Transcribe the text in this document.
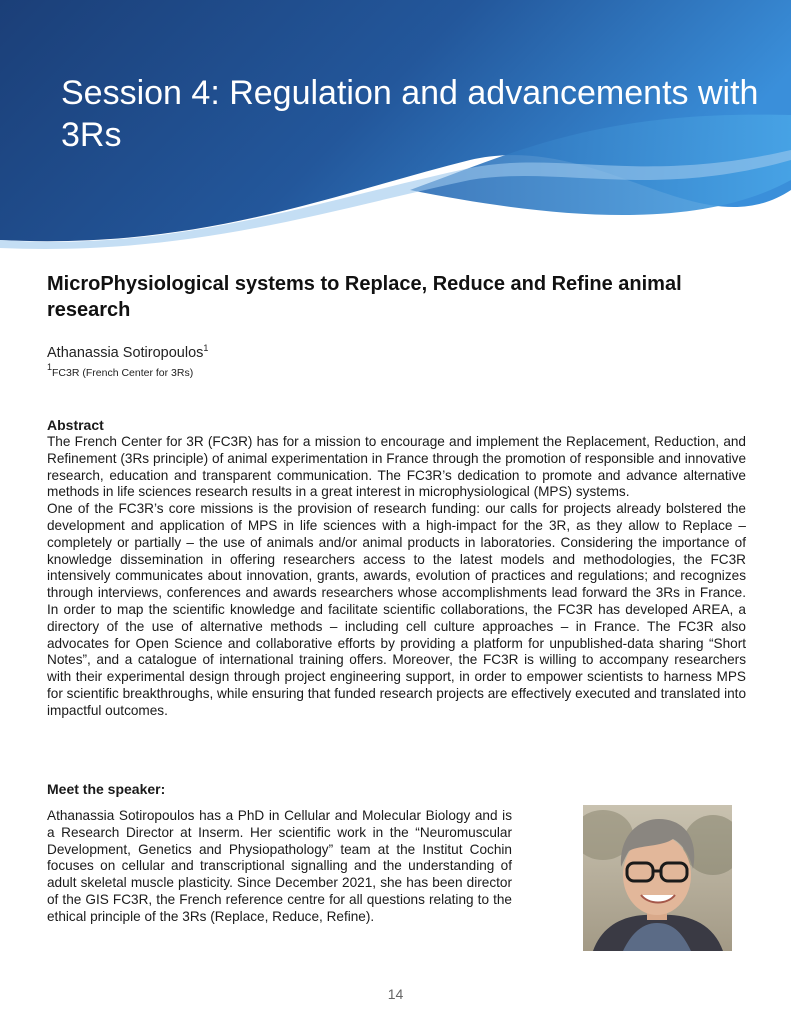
Session 4: Regulation and advancements with 3Rs
MicroPhysiological systems to Replace, Reduce and Refine animal research
Athanassia Sotiropoulos$^1$
$^1$FC3R (French Center for 3Rs)
Abstract

The French Center for 3R (FC3R) has for a mission to encourage and implement the Replacement, Reduction, and Refinement (3Rs principle) of animal experimentation in France through the promotion of responsible and innovative research, education and transparent communication. The FC3R’s dedication to promote and advance alternative methods in life sciences research results in a great interest in microphysiological (MPS) systems.

One of the FC3R’s core missions is the provision of research funding: our calls for projects already bolstered the development and application of MPS in life sciences with a high-impact for the 3R, as they allow to Replace – completely or partially – the use of animals and/or animal products in laboratories. Considering the importance of knowledge dissemination in offering researchers access to the latest models and methodologies, the FC3R intensively communicates about innovation, grants, awards, evolution of practices and regulations; and recognizes through interviews, conferences and awards researchers whose accomplishments lead forward the 3Rs in France. In order to map the scientific knowledge and facilitate scientific collaborations, the FC3R has developed AREA, a directory of the use of alternative methods – including cell culture approaches – in France. The FC3R also advocates for Open Science and collaborative efforts by providing a platform for unpublished-data sharing “Short Notes”, and a catalogue of international training offers. Moreover, the FC3R is willing to accompany researchers with their experimental design through project engineering support, in order to empower scientists to harness MPS for scientific breakthroughs, while ensuring that funded research projects are effectively executed and translated into impactful outcomes.

Meet the speaker:

Athanassia Sotiropoulos has a PhD in Cellular and Molecular Biology and is a Research Director at Inserm. Her scientific work in the “Neuromuscular Development, Genetics and Physiopathology” team at the Institut Cochin focuses on cellular and transcriptional signalling and the understanding of adult skeletal muscle plasticity. Since December 2021, she has been director of the GIS FC3R, the French reference centre for all questions relating to the ethical principle of the 3Rs (Replace, Reduce, Refine).

14
